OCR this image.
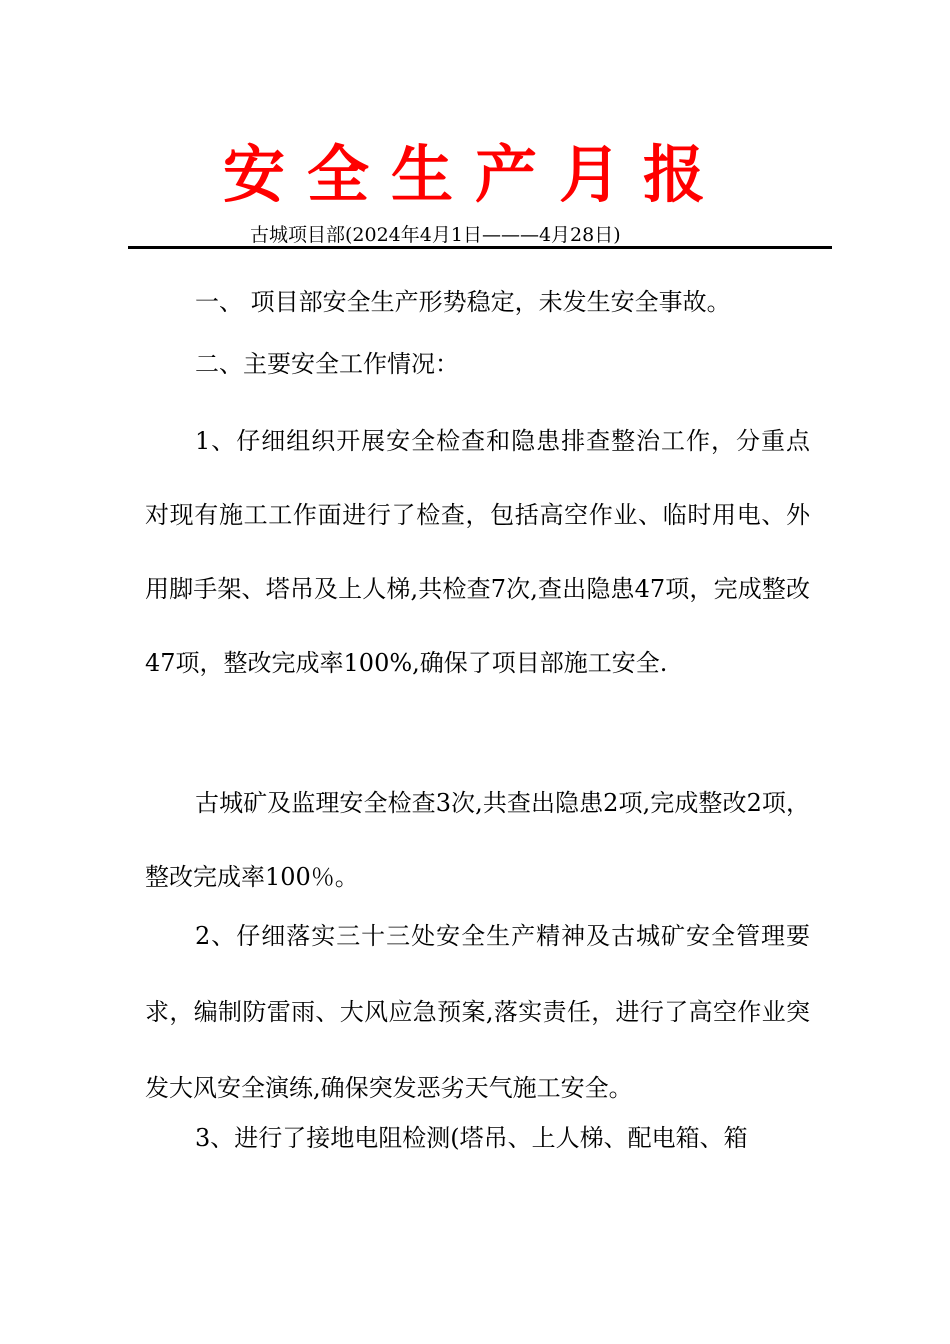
安全生产月报
古城项目部(2024年4月1日———4月28日)

一、 项目部安全生产形势稳定，未发生安全事故。

二、主要安全工作情况：

1、仔细组织开展安全检查和隐患排查整治工作，分重点对现有施工工作面进行了检查，包括高空作业、临时用电、外用脚手架、塔吊及上人梯,共检查7次,查出隐患47项，完成整改47项，整改完成率100%,确保了项目部施工安全.

古城矿及监理安全检查3次,共查出隐患2项,完成整改2项，整改完成率100％。

2、仔细落实三十三处安全生产精神及古城矿安全管理要求，编制防雷雨、大风应急预案,落实责任，进行了高空作业突发大风安全演练,确保突发恶劣天气施工安全。

3、进行了接地电阻检测(塔吊、上人梯、配电箱、箱
